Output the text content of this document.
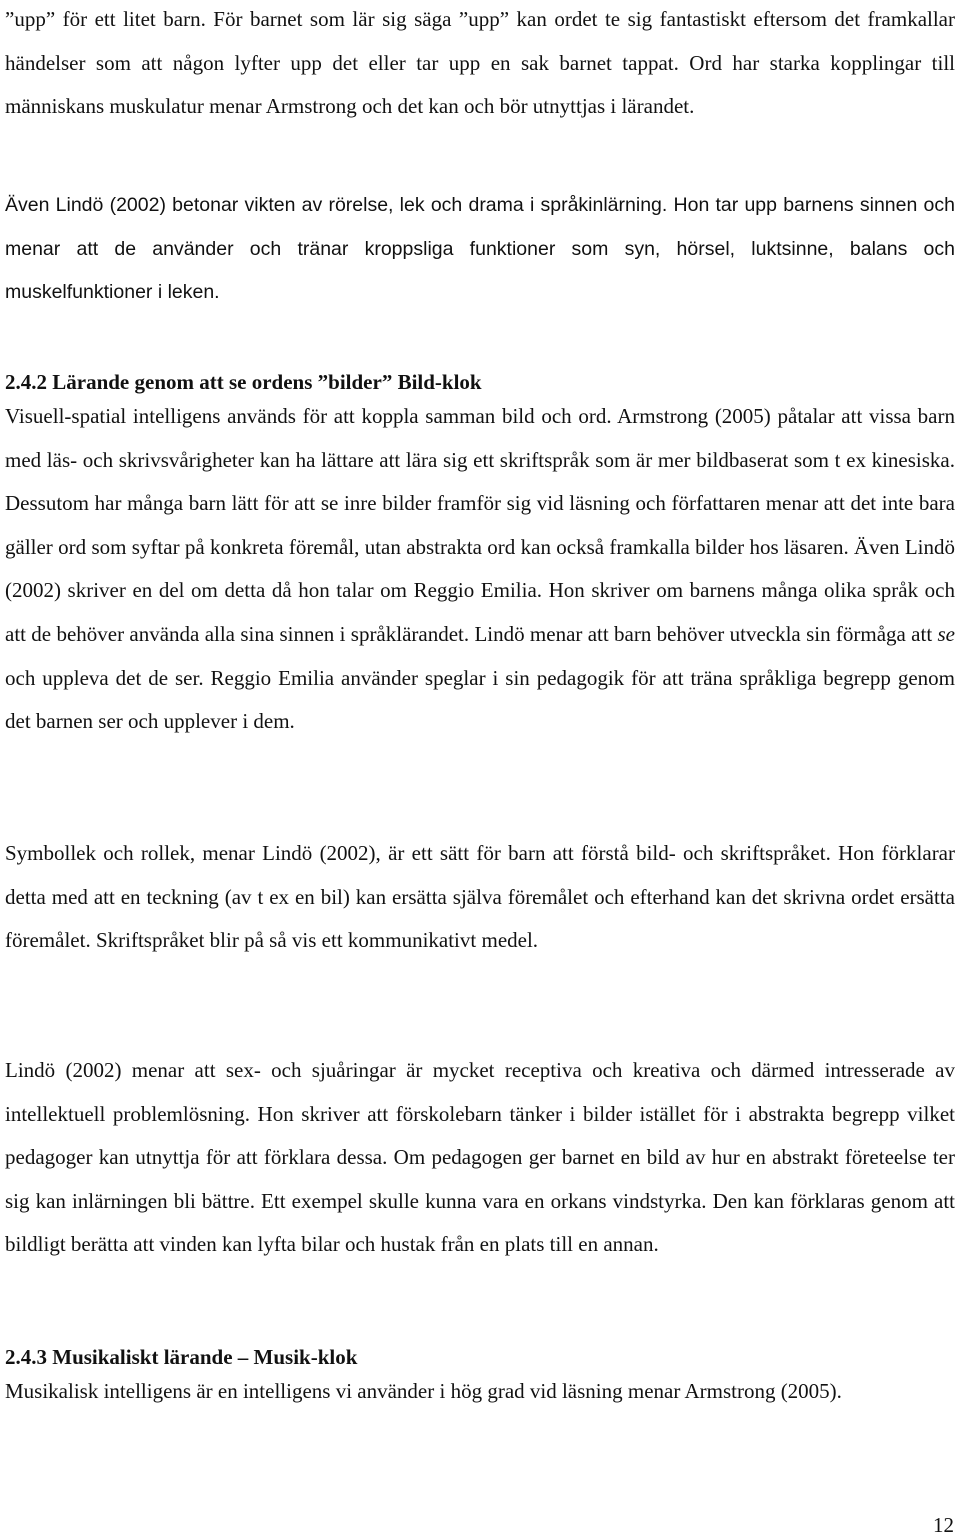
”upp” för ett litet barn. För barnet som lär sig säga ”upp” kan ordet te sig fantastiskt eftersom det framkallar händelser som att någon lyfter upp det eller tar upp en sak barnet tappat. Ord har starka kopplingar till människans muskulatur menar Armstrong och det kan och bör utnyttjas i lärandet.

Även Lindö (2002) betonar vikten av rörelse, lek och drama i språkinlärning. Hon tar upp barnens sinnen och menar att de använder och tränar kroppsliga funktioner som syn, hörsel, luktsinne, balans och muskelfunktioner i leken.

2.4.2 Lärande genom att se ordens ”bilder” Bild-klok

Visuell-spatial intelligens används för att koppla samman bild och ord. Armstrong (2005) påtalar att vissa barn med läs- och skrivsvårigheter kan ha lättare att lära sig ett skriftspråk som är mer bildbaserat som t ex kinesiska. Dessutom har många barn lätt för att se inre bilder framför sig vid läsning och författaren menar att det inte bara gäller ord som syftar på konkreta föremål, utan abstrakta ord kan också framkalla bilder hos läsaren. Även Lindö (2002) skriver en del om detta då hon talar om Reggio Emilia. Hon skriver om barnens många olika språk och att de behöver använda alla sina sinnen i språklärandet. Lindö menar att barn behöver utveckla sin förmåga att se och uppleva det de ser. Reggio Emilia använder speglar i sin pedagogik för att träna språkliga begrepp genom det barnen ser och upplever i dem.

Symbollek och rollek, menar Lindö (2002), är ett sätt för barn att förstå bild- och skriftspråket. Hon förklarar detta med att en teckning (av t ex en bil) kan ersätta själva föremålet och efterhand kan det skrivna ordet ersätta föremålet. Skriftspråket blir på så vis ett kommunikativt medel.

Lindö (2002) menar att sex- och sjuåringar är mycket receptiva och kreativa och därmed intresserade av intellektuell problemlösning. Hon skriver att förskolebarn tänker i bilder istället för i abstrakta begrepp vilket pedagoger kan utnyttja för att förklara dessa. Om pedagogen ger barnet en bild av hur en abstrakt företeelse ter sig kan inlärningen bli bättre. Ett exempel skulle kunna vara en orkans vindstyrka. Den kan förklaras genom att bildligt berätta att vinden kan lyfta bilar och hustak från en plats till en annan.

2.4.3 Musikaliskt lärande – Musik-klok

Musikalisk intelligens är en intelligens vi använder i hög grad vid läsning menar Armstrong (2005).

12
